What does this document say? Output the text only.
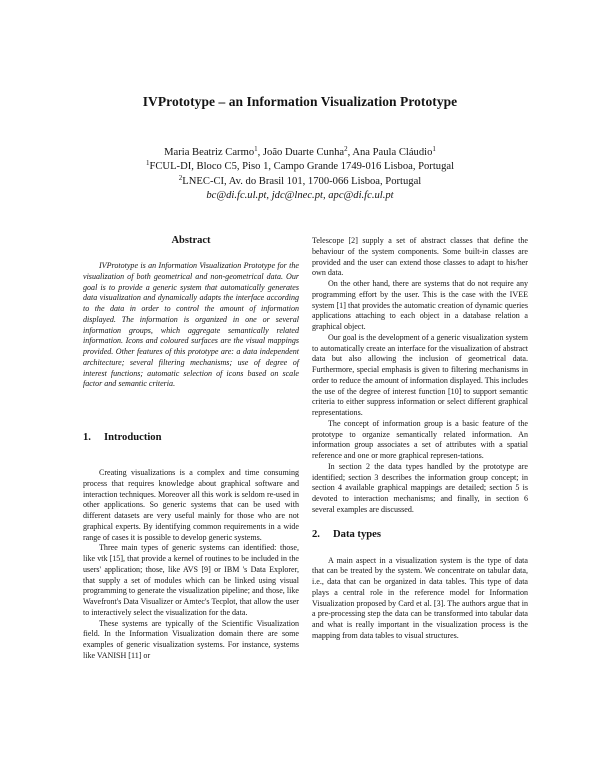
IVPrototype – an Information Visualization Prototype
Maria Beatriz Carmo$^1$, João Duarte Cunha$^2$, Ana Paula Cláudio$^1$
$^1$FCUL-DI, Bloco C5, Piso 1, Campo Grande 1749-016 Lisboa, Portugal
$^2$LNEC-CI, Av. do Brasil 101, 1700-066 Lisboa, Portugal
bc@di.fc.ul.pt, jdc@lnec.pt, apc@di.fc.ul.pt
Abstract

IVPrototype is an Information Visualization Prototype for the visualization of both geometrical and non-geometrical data. Our goal is to provide a generic system that automatically generates data visualization and dynamically adapts the interface according to the data in order to control the amount of information displayed. The information is organized in one or several information groups, which aggregate semantically related information. Icons and coloured surfaces are the visual mappings provided. Other features of this prototype are: a data independent architecture; several filtering mechanisms; use of degree of interest functions; automatic selection of icons based on scale factor and semantic criteria.

1. Introduction

Creating visualizations is a complex and time consuming process that requires knowledge about graphical software and interaction techniques. Moreover all this work is seldom re-used in other applications. So generic systems that can be used with different datasets are very useful mainly for those who are not graphical experts. By identifying common requirements in a wide range of cases it is possible to develop generic systems.

Three main types of generic systems can identified: those, like vtk [15], that provide a kernel of routines to be included in the users' application; those, like AVS [9] or IBM 's Data Explorer, that supply a set of modules which can be linked using visual programming to generate the visualization pipeline; and those, like Wavefront's Data Visualizer or Amtec's Tecplot, that allow the user to interactively select the visualization for the data.

These systems are typically of the Scientific Visualization field. In the Information Visualization domain there are some examples of generic visualization systems. For instance, systems like VANISH [11] or

Telescope [2] supply a set of abstract classes that define the behaviour of the system components. Some built-in classes are provided and the user can extend those classes to adapt to his/her own data.

On the other hand, there are systems that do not require any programming effort by the user. This is the case with the IVEE system [1] that provides the automatic creation of dynamic queries applications attaching to each object in a database relation a graphical object.

Our goal is the development of a generic visualization system to automatically create an interface for the visualization of abstract data but also allowing the inclusion of geometrical data. Furthermore, special emphasis is given to filtering mechanisms in order to reduce the amount of information displayed. This includes the use of the degree of interest function [10] to support semantic criteria to either suppress information or select different graphical representations.

The concept of information group is a basic feature of the prototype to organize semantically related information. An information group associates a set of attributes with a spatial reference and one or more graphical represen-tations.

In section 2 the data types handled by the prototype are identified; section 3 describes the information group concept; in section 4 available graphical mappings are detailed; section 5 is devoted to interaction mechanisms; and finally, in section 6 several examples are discussed.

2. Data types

A main aspect in a visualization system is the type of data that can be treated by the system. We concentrate on tabular data, i.e., data that can be organized in data tables. This type of data plays a central role in the reference model for Information Visualization proposed by Card et al. [3]. The authors argue that in a pre-processing step the data can be transformed into tabular data and what is really important in the visualization process is the mapping from data tables to visual structures.
